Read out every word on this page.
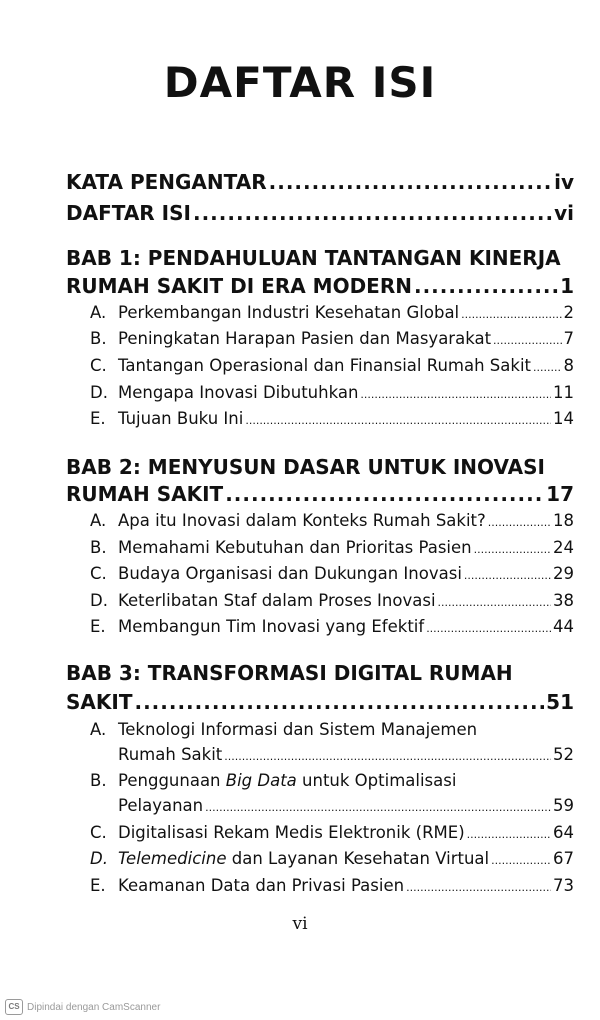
DAFTAR ISI
KATA PENGANTAR .....	iv
DAFTAR ISI .....	vi
BAB 1: PENDAHULUAN TANTANGAN KINERJA
RUMAH SAKIT DI ERA MODERN .....	1
A. Perkembangan Industri Kesehatan Global .....	2
B. Peningkatan Harapan Pasien dan Masyarakat .....	7
C. Tantangan Operasional dan Finansial Rumah Sakit ..... 8
D. Mengapa Inovasi Dibutuhkan .....	11
E. Tujuan Buku Ini .....	14
BAB 2: MENYUSUN DASAR UNTUK INOVASI
RUMAH SAKIT .....	17
A. Apa itu Inovasi dalam Konteks Rumah Sakit? .....	18
B. Memahami Kebutuhan dan Prioritas Pasien .....	24
C. Budaya Organisasi dan Dukungan Inovasi .....	29
D. Keterlibatan Staf dalam Proses Inovasi .....	38
E. Membangun Tim Inovasi yang Efektif .....	44
BAB 3: TRANSFORMASI DIGITAL RUMAH
SAKIT .....	51
A. Teknologi Informasi dan Sistem Manajemen
Rumah Sakit .....	52
B. Penggunaan Big Data untuk Optimalisasi
Pelayanan .....	59
C. Digitalisasi Rekam Medis Elektronik (RME) .....	64
D. Telemedicine dan Layanan Kesehatan Virtual .....	67
E. Keamanan Data dan Privasi Pasien .....	73
vi
CS Dipindai dengan CamScanner
